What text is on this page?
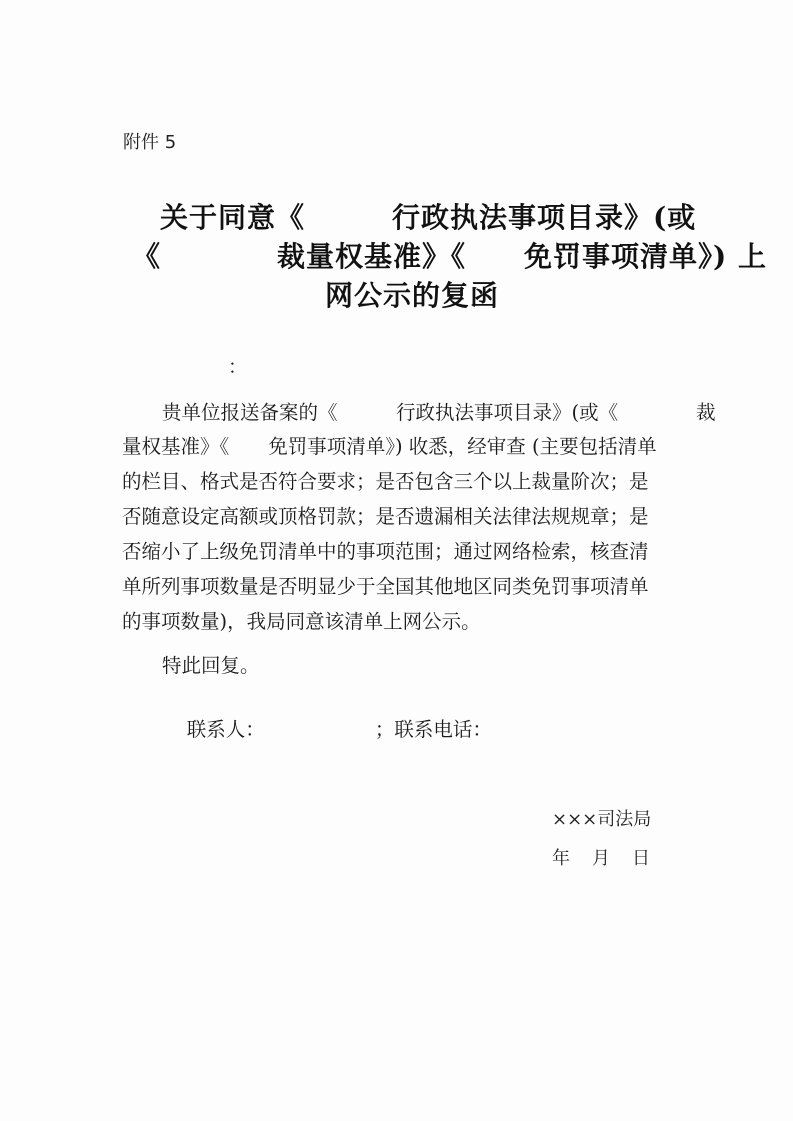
附件 5
关于同意《　　　行政执法事项目录》(或
《　　　　裁量权基准》《　　免罚事项清单》) 上
网公示的复函
：
贵单位报送备案的《　　　行政执法事项目录》(或《　　　　裁
量权基准》《　　免罚事项清单》) 收悉，经审查 (主要包括清单
的栏目、格式是否符合要求；是否包含三个以上裁量阶次；是
否随意设定高额或顶格罚款；是否遗漏相关法律法规规章；是
否缩小了上级免罚清单中的事项范围；通过网络检索，核查清
单所列事项数量是否明显少于全国其他地区同类免罚事项清单
的事项数量)，我局同意该清单上网公示。
特此回复。

联系人：	；联系电话：

×××司法局
年 月 日
